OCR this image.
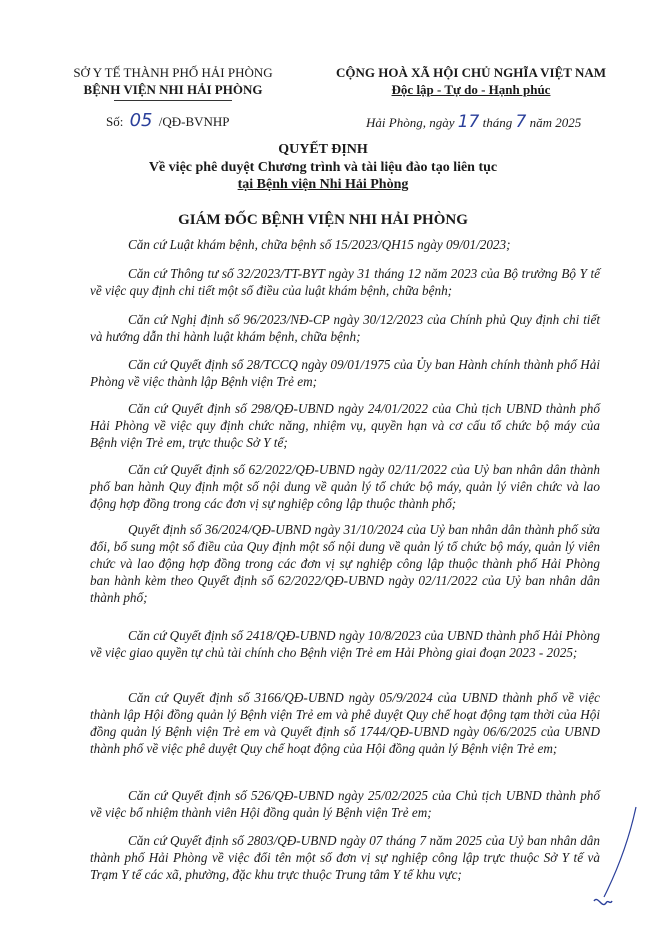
SỞ Y TẾ THÀNH PHỐ HẢI PHÒNG
BỆNH VIỆN NHI HẢI PHÒNG
CỘNG HOÀ XÃ HỘI CHỦ NGHĨA VIỆT NAM
Độc lập - Tự do - Hạnh phúc
Số: 05 /QĐ-BVNHP	Hải Phòng, ngày 17 tháng 7 năm 2025
QUYẾT ĐỊNH
Về việc phê duyệt Chương trình và tài liệu đào tạo liên tục
tại Bệnh viện Nhi Hải Phòng
GIÁM ĐỐC BỆNH VIỆN NHI HẢI PHÒNG

Căn cứ Luật khám bệnh, chữa bệnh số 15/2023/QH15 ngày 09/01/2023;

Căn cứ Thông tư số 32/2023/TT-BYT ngày 31 tháng 12 năm 2023 của Bộ trưởng Bộ Y tế về việc quy định chi tiết một số điều của luật khám bệnh, chữa bệnh;

Căn cứ Nghị định số 96/2023/NĐ-CP ngày 30/12/2023 của Chính phủ Quy định chi tiết và hướng dẫn thi hành luật khám bệnh, chữa bệnh;

Căn cứ Quyết định số 28/TCCQ ngày 09/01/1975 của Ủy ban Hành chính thành phố Hải Phòng về việc thành lập Bệnh viện Trẻ em;

Căn cứ Quyết định số 298/QĐ-UBND ngày 24/01/2022 của Chủ tịch UBND thành phố Hải Phòng về việc quy định chức năng, nhiệm vụ, quyền hạn và cơ cấu tổ chức bộ máy của Bệnh viện Trẻ em, trực thuộc Sở Y tế;

Căn cứ Quyết định số 62/2022/QĐ-UBND ngày 02/11/2022 của Uỷ ban nhân dân thành phố ban hành Quy định một số nội dung về quản lý tổ chức bộ máy, quản lý viên chức và lao động hợp đồng trong các đơn vị sự nghiệp công lập thuộc thành phố;

Quyết định số 36/2024/QĐ-UBND ngày 31/10/2024 của Uỷ ban nhân dân thành phố sửa đổi, bổ sung một số điều của Quy định một số nội dung về quản lý tổ chức bộ máy, quản lý viên chức và lao động hợp đồng trong các đơn vị sự nghiệp công lập thuộc thành phố Hải Phòng ban hành kèm theo Quyết định số 62/2022/QĐ-UBND ngày 02/11/2022 của Uỷ ban nhân dân thành phố;

Căn cứ Quyết định số 2418/QĐ-UBND ngày 10/8/2023 của UBND thành phố Hải Phòng về việc giao quyền tự chủ tài chính cho Bệnh viện Trẻ em Hải Phòng giai đoạn 2023 - 2025;

Căn cứ Quyết định số 3166/QĐ-UBND ngày 05/9/2024 của UBND thành phố về việc thành lập Hội đồng quản lý Bệnh viện Trẻ em và phê duyệt Quy chế hoạt động tạm thời của Hội đồng quản lý Bệnh viện Trẻ em và Quyết định số 1744/QĐ-UBND ngày 06/6/2025 của UBND thành phố về việc phê duyệt Quy chế hoạt động của Hội đồng quản lý Bệnh viện Trẻ em;

Căn cứ Quyết định số 526/QĐ-UBND ngày 25/02/2025 của Chủ tịch UBND thành phố về việc bổ nhiệm thành viên Hội đồng quản lý Bệnh viện Trẻ em;

Căn cứ Quyết định số 2803/QĐ-UBND ngày 07 tháng 7 năm 2025 của Uỷ ban nhân dân thành phố Hải Phòng về việc đổi tên một số đơn vị sự nghiệp công lập trực thuộc Sở Y tế và Trạm Y tế các xã, phường, đặc khu trực thuộc Trung tâm Y tế khu vực;
